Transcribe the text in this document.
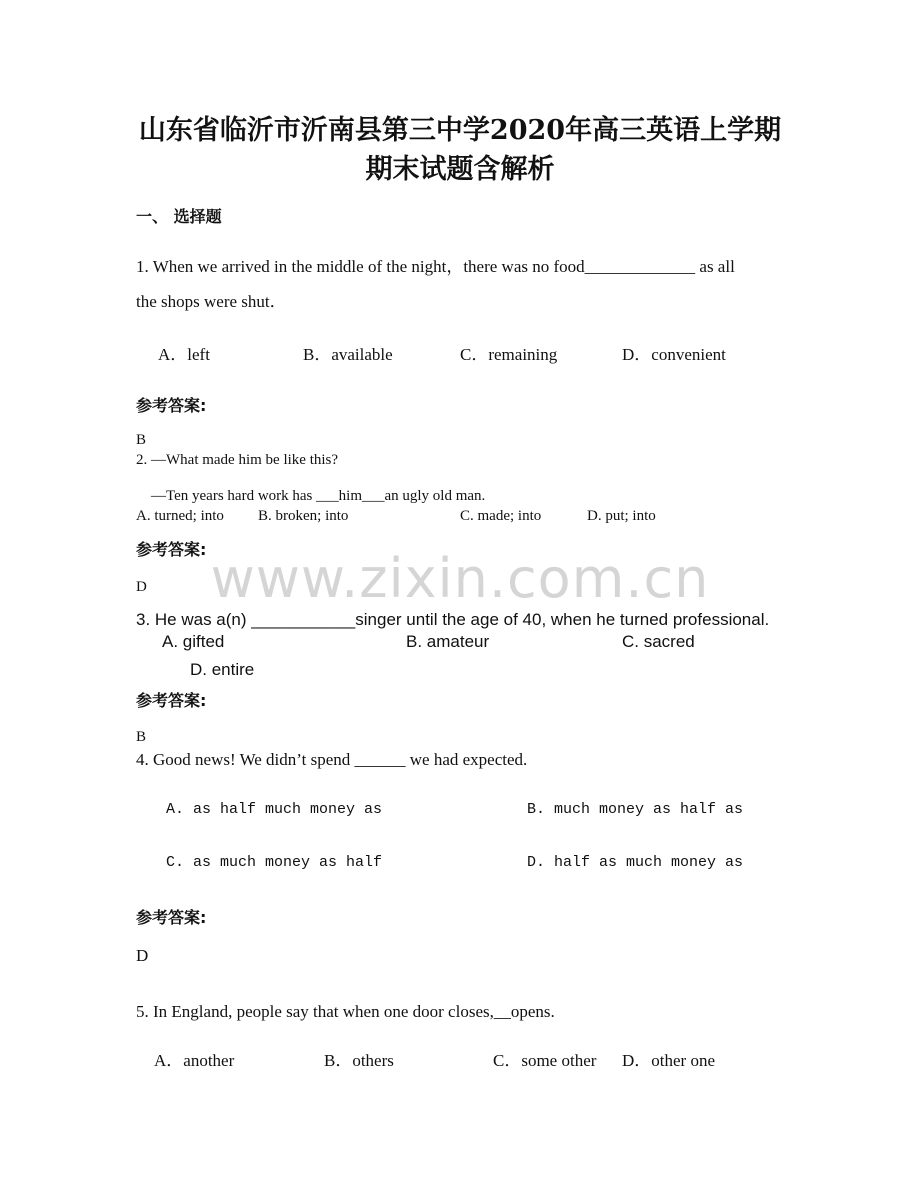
www.zixin.com.cn
山东省临沂市沂南县第三中学2020年高三英语上学期
期末试题含解析
一、 选择题
1. When we arrived in the middle of the night，there was no food_____________ as all
the shops were shut．
A．left	B．available	C．remaining	D．convenient
参考答案:
B
2. —What made him be like this?
—Ten years hard work has ___him___an ugly old man.
A. turned; into B. broken; into	C. made; into	D. put; into
参考答案:
D
3. He was a(n) ___________singer until the age of 40, when he turned professional.
A. gifted	B. amateur	C. sacred
D. entire
参考答案:
B
4. Good news! We didn’t spend ______ we had expected.
A. as half much money as	B. much money as half as
C. as much money as half	D. half as much money as
参考答案:
D
5. In England, people say that when one door closes,__opens.
A．another	B．others	C．some other D．other one
